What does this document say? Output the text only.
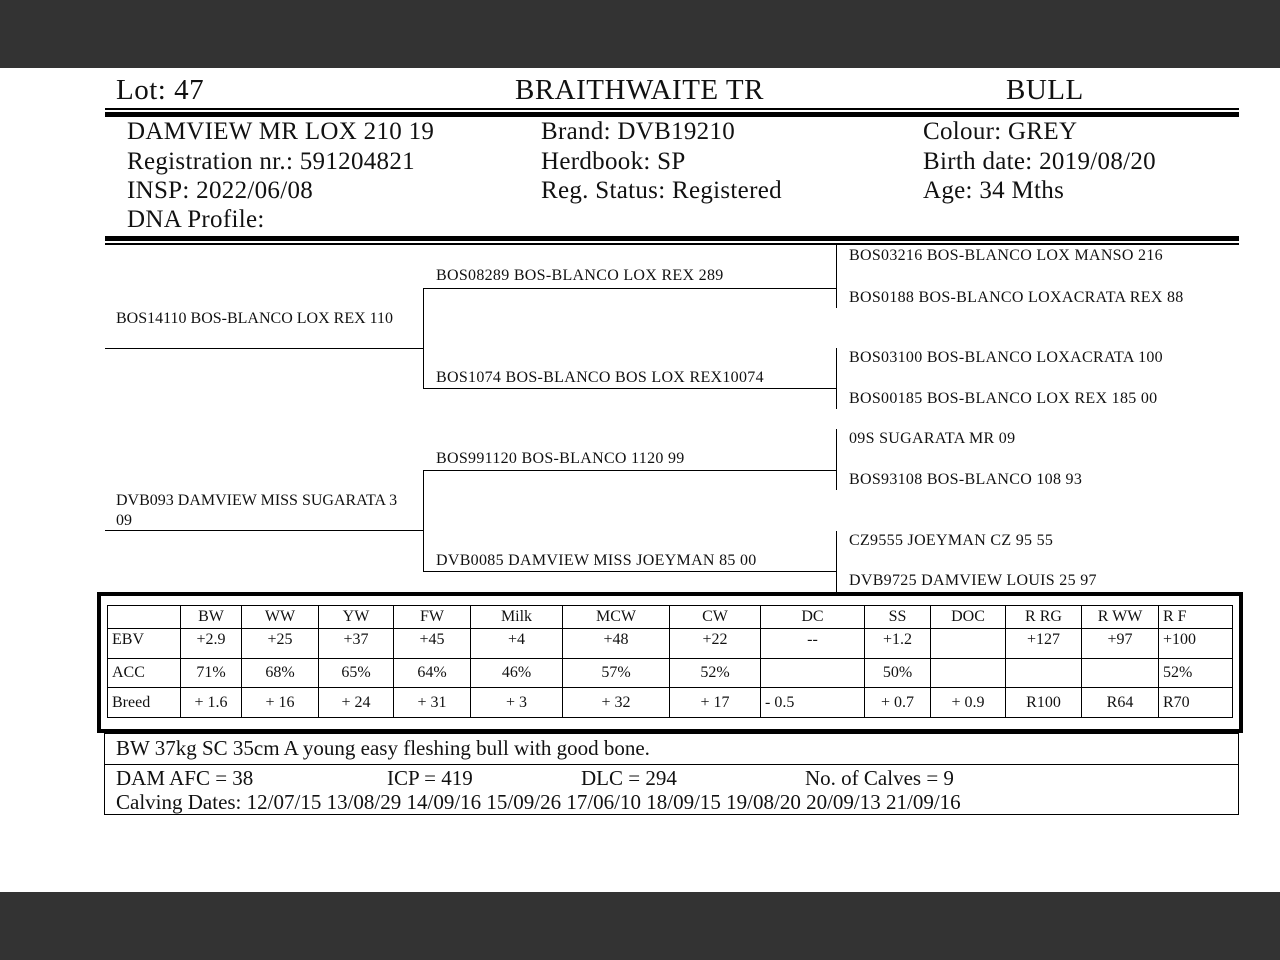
Lot: 47	BRAITHWAITE TR	BULL
DAMVIEW MR LOX 210 19
Registration nr.: 591204821
INSP: 2022/06/08
DNA Profile:
Brand: DVB19210
Herdbook: SP
Reg. Status: Registered
Colour: GREY
Birth date: 2019/08/20
Age: 34 Mths
BOS14110 BOS-BLANCO LOX REX 110
DVB093 DAMVIEW MISS SUGARATA 3 09
BOS08289 BOS-BLANCO LOX REX 289
BOS1074 BOS-BLANCO BOS LOX REX10074
BOS991120 BOS-BLANCO 1120 99
DVB0085 DAMVIEW MISS JOEYMAN 85 00
BOS03216 BOS-BLANCO LOX MANSO 216
BOS0188 BOS-BLANCO LOXACRATA REX 88
BOS03100 BOS-BLANCO LOXACRATA 100
BOS00185 BOS-BLANCO LOX REX 185 00
09S SUGARATA MR 09
BOS93108 BOS-BLANCO 108 93
CZ9555 JOEYMAN CZ 95 55
DVB9725 DAMVIEW LOUIS 25 97
	BW	WW	YW	FW	Milk	MCW	CW	DC	SS	DOC	R RG	R WW	R F
EBV	+2.9	+25	+37	+45	+4	+48	+22	--	+1.2		+127	+97	+100
ACC	71%	68%	65%	64%	46%	57%	52%		50%				52%
Breed	+ 1.6	+ 16	+ 24	+ 31	+ 3	+ 32	+ 17	- 0.5	+ 0.7	+ 0.9	R100	R64	R70
BW 37kg SC 35cm A young easy fleshing bull with good bone.
DAM AFC = 38	ICP = 419	DLC = 294	No. of Calves = 9
Calving Dates: 12/07/15 13/08/29 14/09/16 15/09/26 17/06/10 18/09/15 19/08/20 20/09/13 21/09/16
